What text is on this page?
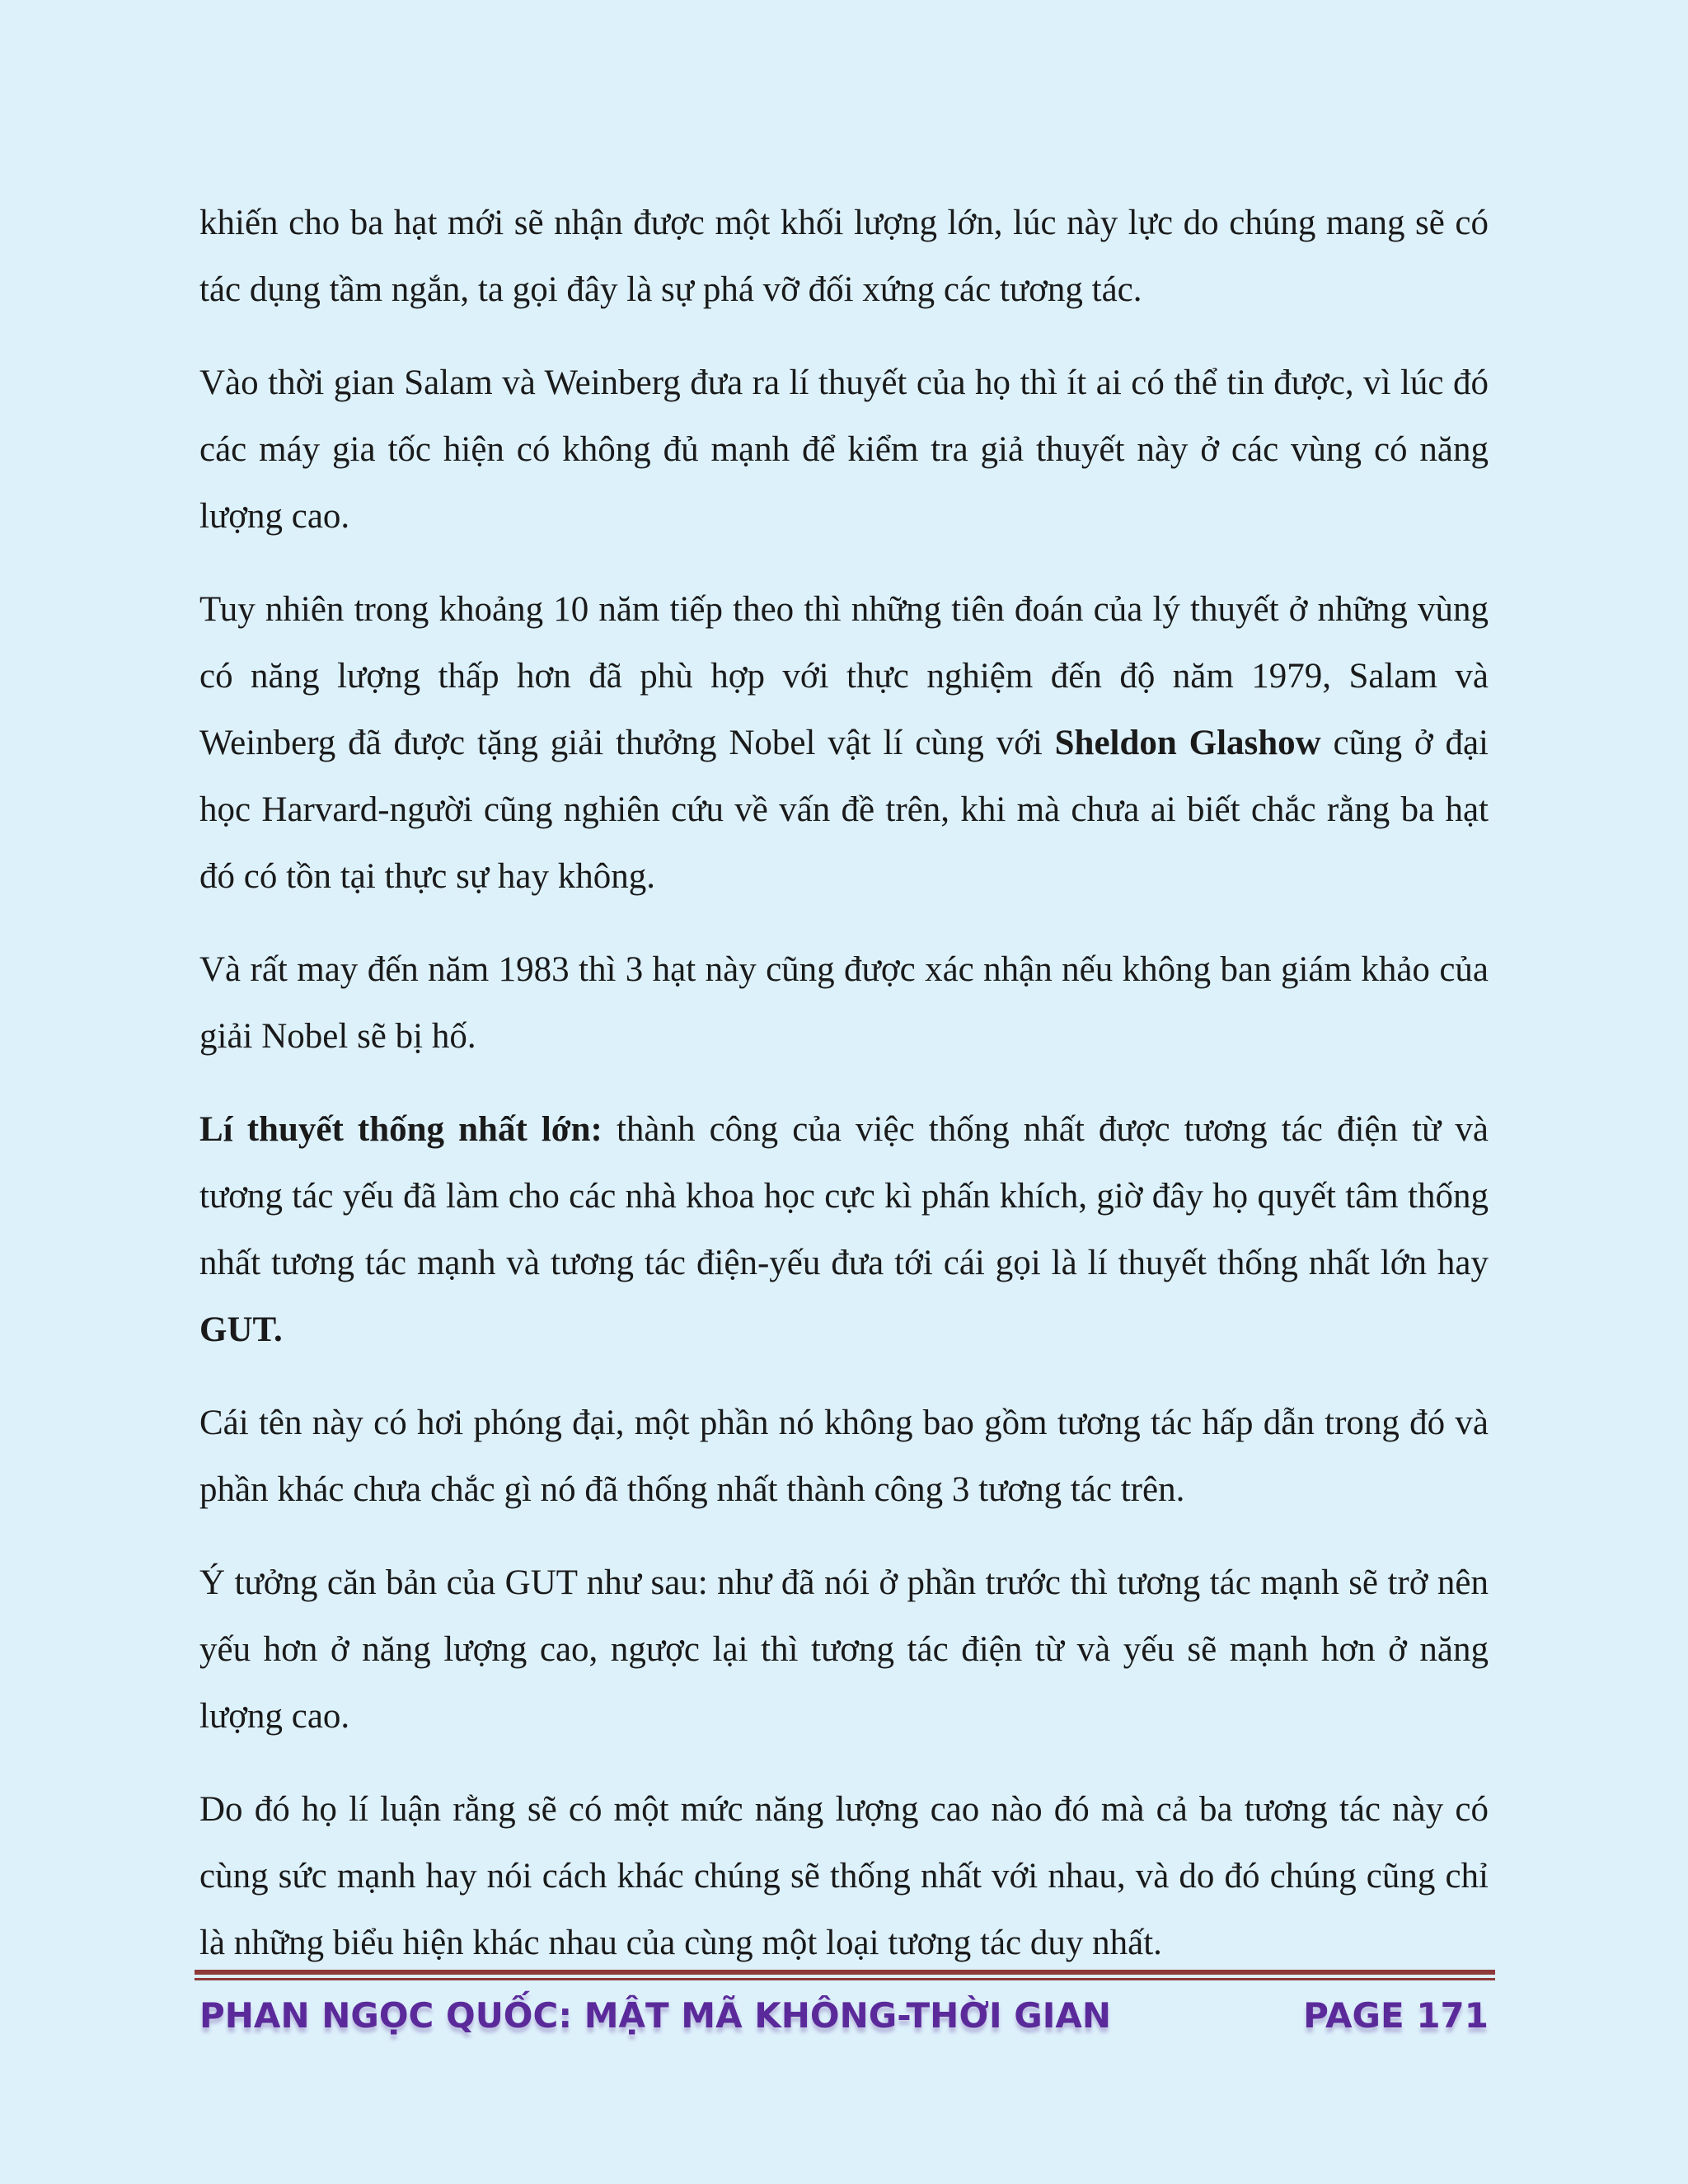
khiến cho ba hạt mới sẽ nhận được một khối lượng lớn, lúc này lực do chúng mang sẽ có tác dụng tầm ngắn, ta gọi đây là sự phá vỡ đối xứng các tương tác.

Vào thời gian Salam và Weinberg đưa ra lí thuyết của họ thì ít ai có thể tin được, vì lúc đó các máy gia tốc hiện có không đủ mạnh để kiểm tra giả thuyết này ở các vùng có năng lượng cao.

Tuy nhiên trong khoảng 10 năm tiếp theo thì những tiên đoán của lý thuyết ở những vùng có năng lượng thấp hơn đã phù hợp với thực nghiệm đến độ năm 1979, Salam và Weinberg đã được tặng giải thưởng Nobel vật lí cùng với Sheldon Glashow cũng ở đại học Harvard-người cũng nghiên cứu về vấn đề trên, khi mà chưa ai biết chắc rằng ba hạt đó có tồn tại thực sự hay không.

Và rất may đến năm 1983 thì 3 hạt này cũng được xác nhận nếu không ban giám khảo của giải Nobel sẽ bị hố.

Lí thuyết thống nhất lớn: thành công của việc thống nhất được tương tác điện từ và tương tác yếu đã làm cho các nhà khoa học cực kì phấn khích, giờ đây họ quyết tâm thống nhất tương tác mạnh và tương tác điện-yếu đưa tới cái gọi là lí thuyết thống nhất lớn hay GUT.

Cái tên này có hơi phóng đại, một phần nó không bao gồm tương tác hấp dẫn trong đó và phần khác chưa chắc gì nó đã thống nhất thành công 3 tương tác trên.

Ý tưởng căn bản của GUT như sau: như đã nói ở phần trước thì tương tác mạnh sẽ trở nên yếu hơn ở năng lượng cao, ngược lại thì tương tác điện từ và yếu sẽ mạnh hơn ở năng lượng cao.

Do đó họ lí luận rằng sẽ có một mức năng lượng cao nào đó mà cả ba tương tác này có cùng sức mạnh hay nói cách khác chúng sẽ thống nhất với nhau, và do đó chúng cũng chỉ là những biểu hiện khác nhau của cùng một loại tương tác duy nhất.

PHAN NGỌC QUỐC: MẬT MÃ KHÔNG-THỜI GIAN	PAGE 171
